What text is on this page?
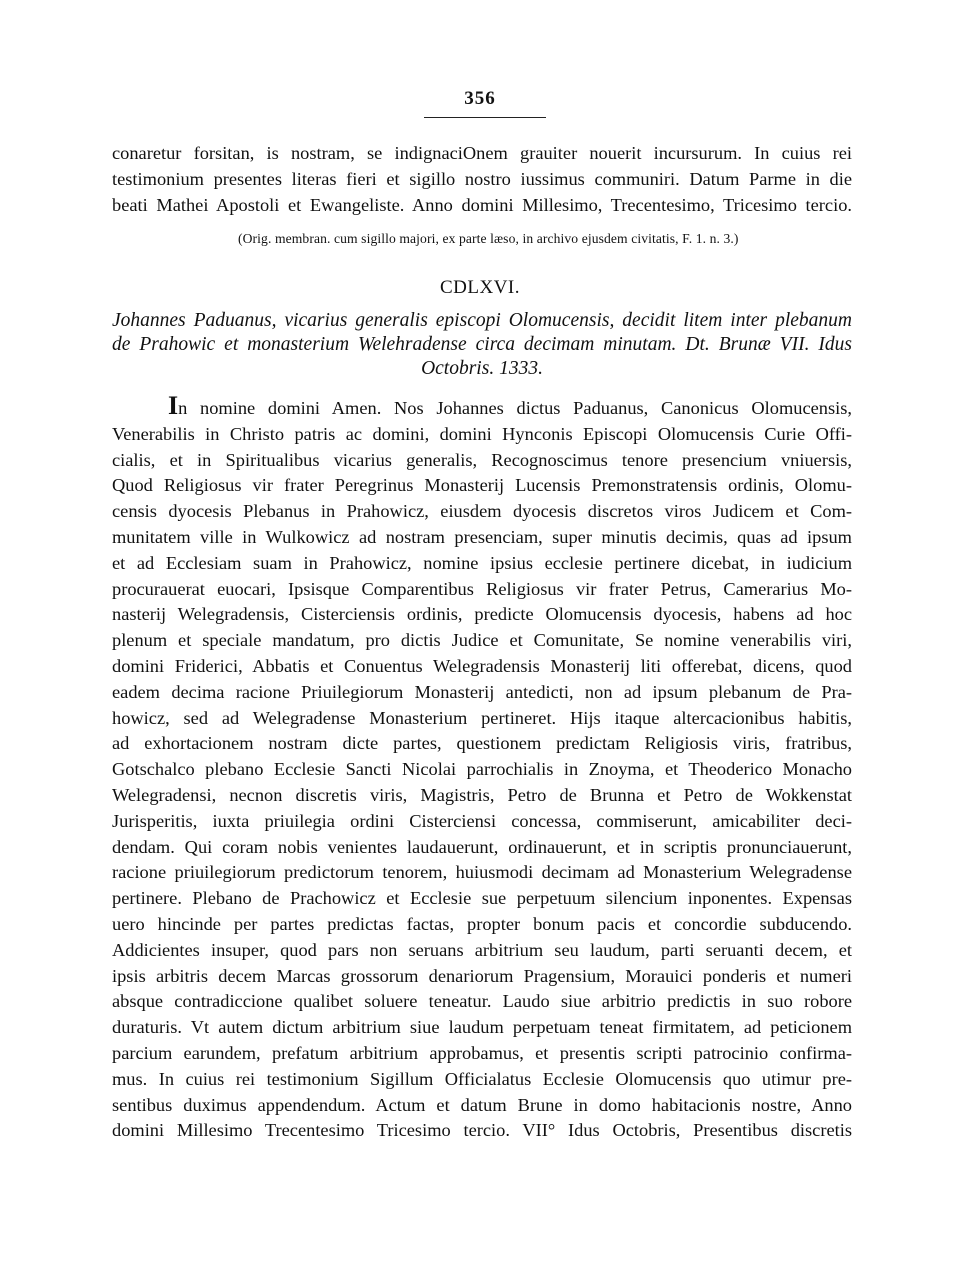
356
conaretur forsitan, is nostram, se indignaciOnem grauiter nouerit incursurum. In cuius rei
testimonium presentes literas fieri et sigillo nostro iussimus communiri. Datum Parme in die
beati Mathei Apostoli et Ewangeliste. Anno domini Millesimo, Trecentesimo, Tricesimo tercio.
(Orig. membran. cum sigillo majori, ex parte læso, in archivo ejusdem civitatis, F. 1. n. 3.)
CDLXVI.
Johannes Paduanus, vicarius generalis episcopi Olomucensis, decidit litem inter plebanum
de Prahowic et monasterium Welehradense circa decimam minutam. Dt. Brunæ VII. Idus
Octobris. 1333.
In nomine domini Amen. Nos Johannes dictus Paduanus, Canonicus Olomucensis,
Venerabilis in Christo patris ac domini, domini Hynconis Episcopi Olomucensis Curie Offi-
cialis, et in Spiritualibus vicarius generalis, Recognoscimus tenore presencium vniuersis,
Quod Religiosus vir frater Peregrinus Monasterij Lucensis Premonstratensis ordinis, Olomu-
censis dyocesis Plebanus in Prahowicz, eiusdem dyocesis discretos viros Judicem et Com-
munitatem ville in Wulkowicz ad nostram presenciam, super minutis decimis, quas ad ipsum
et ad Ecclesiam suam in Prahowicz, nomine ipsius ecclesie pertinere dicebat, in iudicium
procurauerat euocari, Ipsisque Comparentibus Religiosus vir frater Petrus, Camerarius Mo-
nasterij Welegradensis, Cisterciensis ordinis, predicte Olomucensis dyocesis, habens ad hoc
plenum et speciale mandatum, pro dictis Judice et Comunitate, Se nomine venerabilis viri,
domini Friderici, Abbatis et Conuentus Welegradensis Monasterij liti offerebat, dicens, quod
eadem decima racione Priuilegiorum Monasterij antedicti, non ad ipsum plebanum de Pra-
howicz, sed ad Welegradense Monasterium pertineret. Hijs itaque altercacionibus habitis,
ad exhortacionem nostram dicte partes, questionem predictam Religiosis viris, fratribus,
Gotschalco plebano Ecclesie Sancti Nicolai parrochialis in Znoyma, et Theoderico Monacho
Welegradensi, necnon discretis viris, Magistris, Petro de Brunna et Petro de Wokkenstat
Jurisperitis, iuxta priuilegia ordini Cisterciensi concessa, commiserunt, amicabiliter deci-
dendam. Qui coram nobis venientes laudauerunt, ordinauerunt, et in scriptis pronunciauerunt,
racione priuilegiorum predictorum tenorem, huiusmodi decimam ad Monasterium Welegradense
pertinere. Plebano de Prachowicz et Ecclesie sue perpetuum silencium inponentes. Expensas
uero hincinde per partes predictas factas, propter bonum pacis et concordie subducendo.
Addicientes insuper, quod pars non seruans arbitrium seu laudum, parti seruanti decem, et
ipsis arbitris decem Marcas grossorum denariorum Pragensium, Morauici ponderis et numeri
absque contradiccione qualibet soluere teneatur. Laudo siue arbitrio predictis in suo robore
duraturis. Vt autem dictum arbitrium siue laudum perpetuam teneat firmitatem, ad peticionem
parcium earundem, prefatum arbitrium approbamus, et presentis scripti patrocinio confirma-
mus. In cuius rei testimonium Sigillum Officialatus Ecclesie Olomucensis quo utimur pre-
sentibus duximus appendendum. Actum et datum Brune in domo habitacionis nostre, Anno
domini Millesimo Trecentesimo Tricesimo tercio. VII° Idus Octobris, Presentibus discretis
